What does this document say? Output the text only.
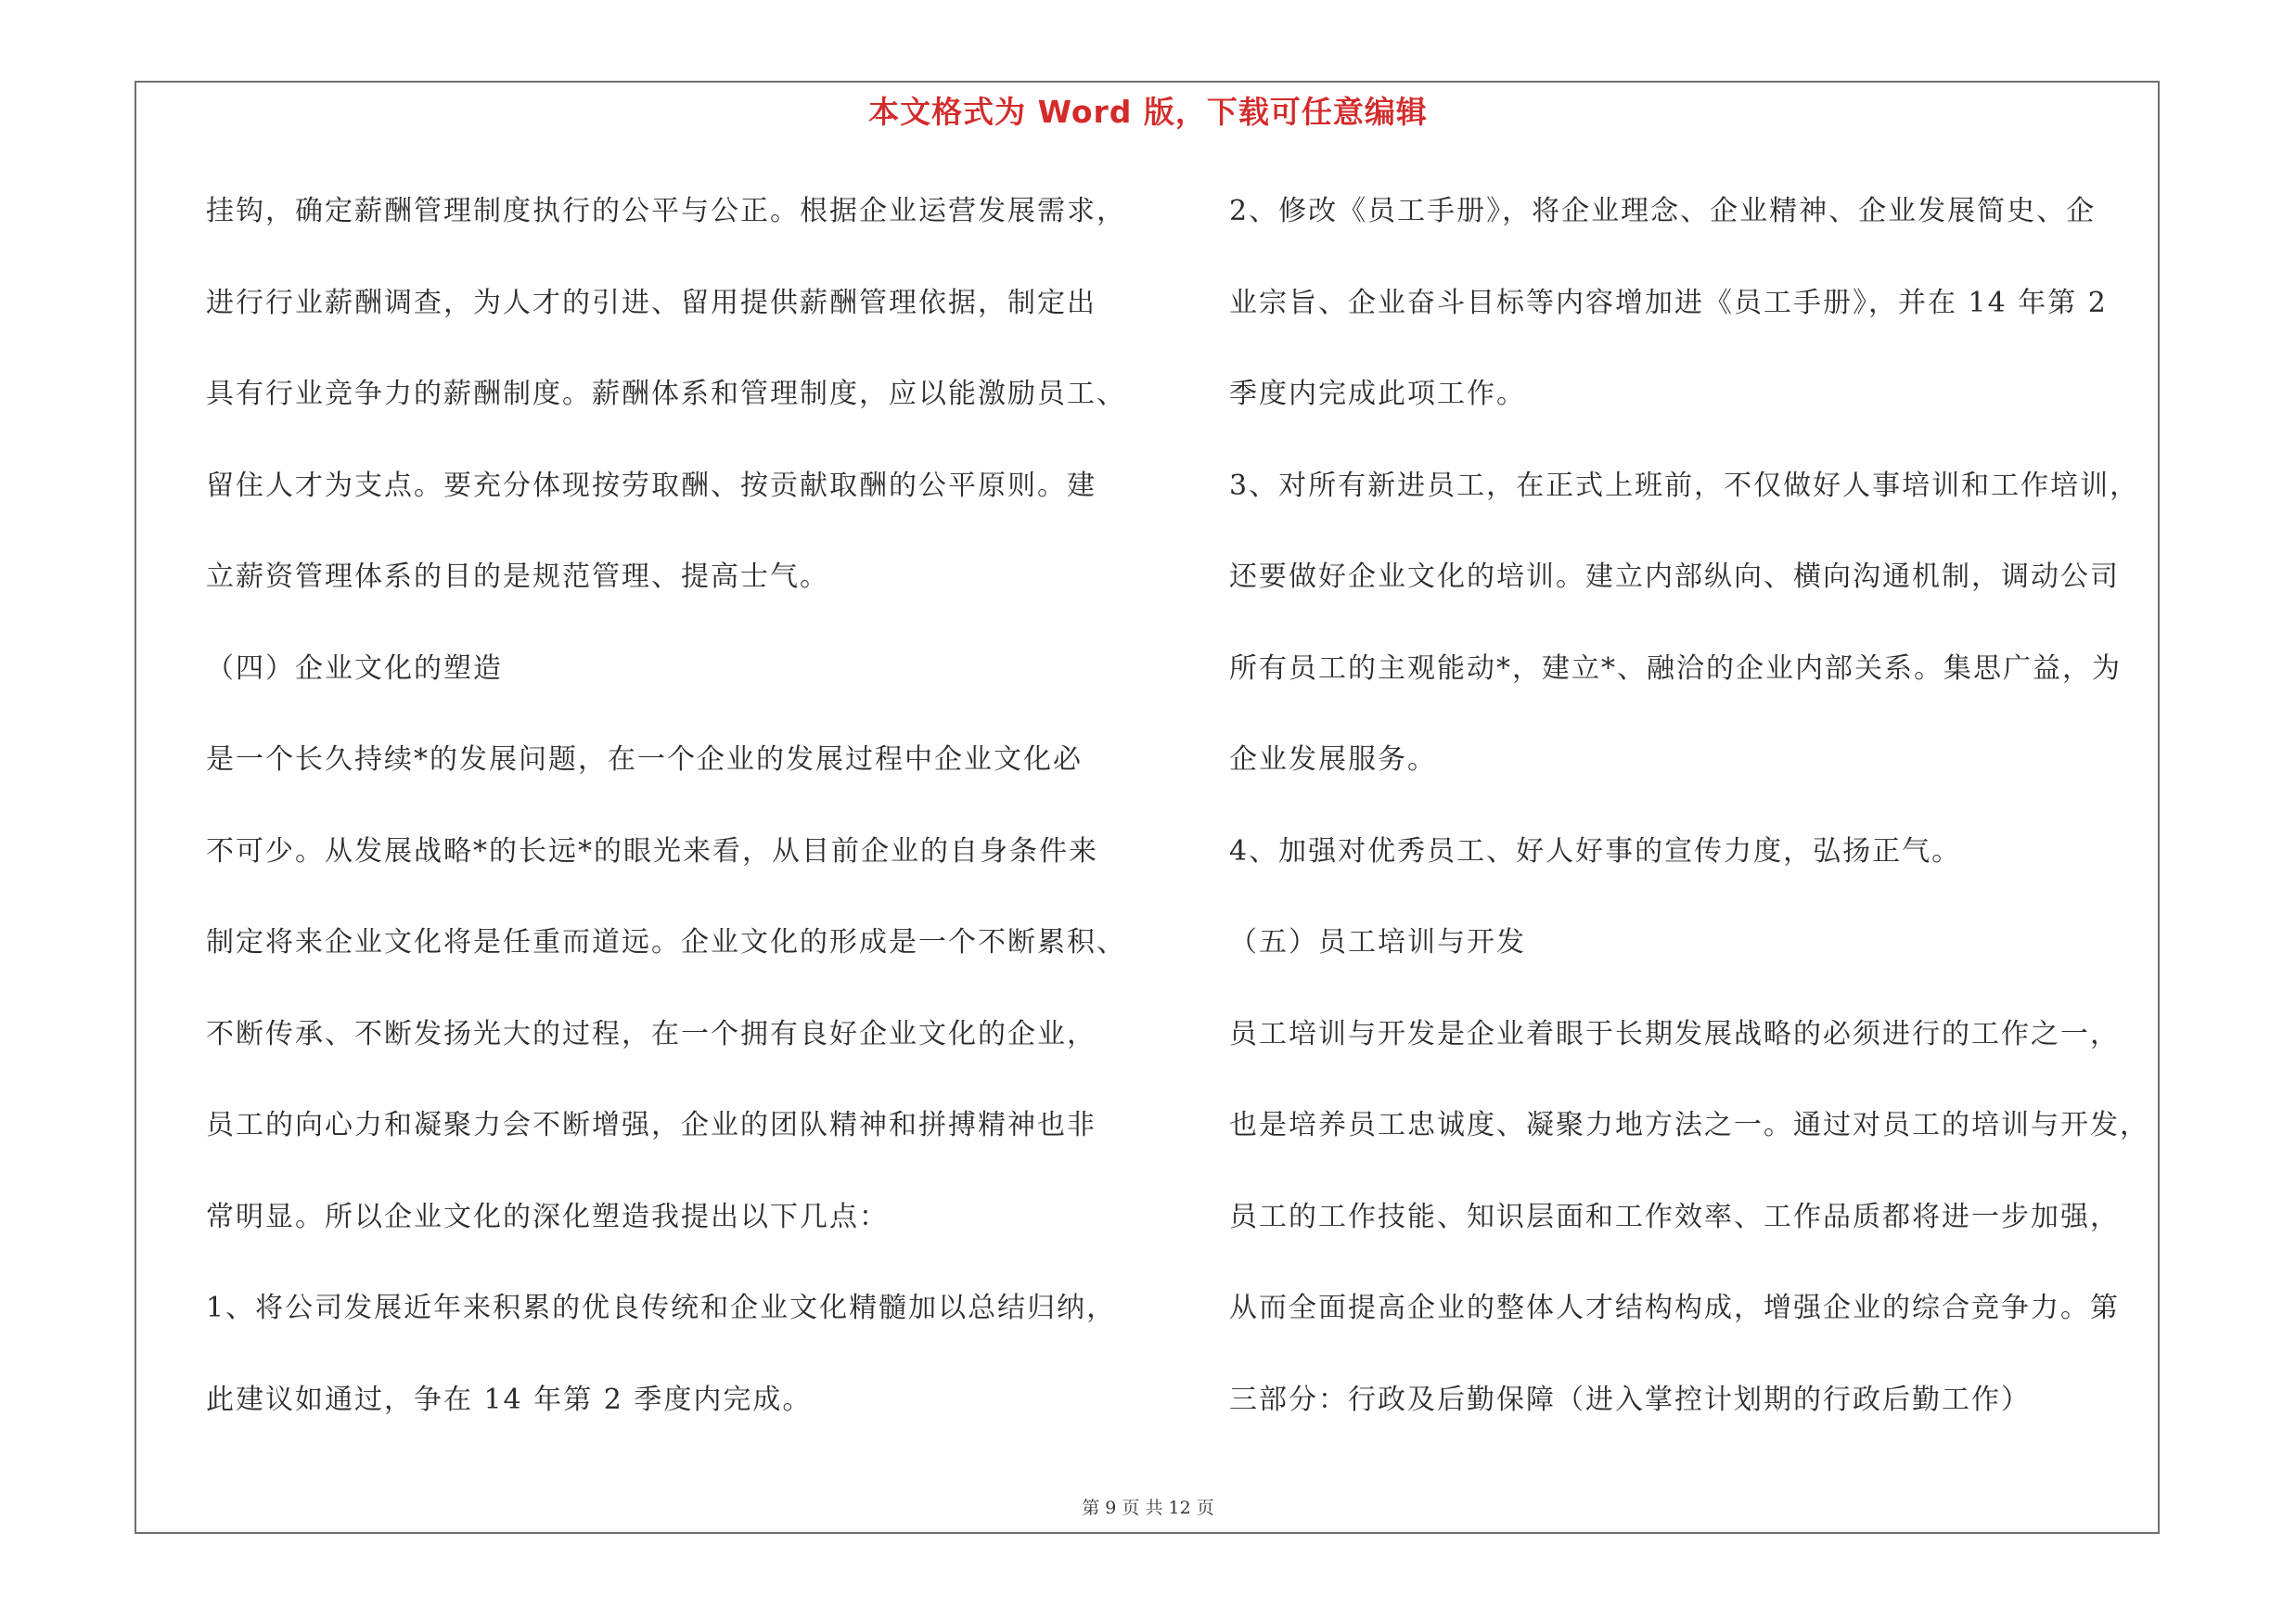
本文格式为 Word 版，下载可任意编辑
挂钩，确定薪酬管理制度执行的公平与公正。根据企业运营发展需求，
进行行业薪酬调查，为人才的引进、留用提供薪酬管理依据，制定出
具有行业竞争力的薪酬制度。薪酬体系和管理制度，应以能激励员工、
留住人才为支点。要充分体现按劳取酬、按贡献取酬的公平原则。建
立薪资管理体系的目的是规范管理、提高士气。
（四）企业文化的塑造
是一个长久持续*的发展问题，在一个企业的发展过程中企业文化必
不可少。从发展战略*的长远*的眼光来看，从目前企业的自身条件来
制定将来企业文化将是任重而道远。企业文化的形成是一个不断累积、
不断传承、不断发扬光大的过程，在一个拥有良好企业文化的企业，
员工的向心力和凝聚力会不断增强，企业的团队精神和拼搏精神也非
常明显。所以企业文化的深化塑造我提出以下几点：
1、将公司发展近年来积累的优良传统和企业文化精髓加以总结归纳，
此建议如通过，争在 14 年第 2 季度内完成。
2、修改《员工手册》，将企业理念、企业精神、企业发展简史、企
业宗旨、企业奋斗目标等内容增加进《员工手册》，并在 14 年第 2
季度内完成此项工作。
3、对所有新进员工，在正式上班前，不仅做好人事培训和工作培训，
还要做好企业文化的培训。建立内部纵向、横向沟通机制，调动公司
所有员工的主观能动*，建立*、融洽的企业内部关系。集思广益，为
企业发展服务。
4、加强对优秀员工、好人好事的宣传力度，弘扬正气。
（五）员工培训与开发
员工培训与开发是企业着眼于长期发展战略的必须进行的工作之一，
也是培养员工忠诚度、凝聚力地方法之一。通过对员工的培训与开发，
员工的工作技能、知识层面和工作效率、工作品质都将进一步加强，
从而全面提高企业的整体人才结构构成，增强企业的综合竞争力。第
三部分：行政及后勤保障（进入掌控计划期的行政后勤工作）
第 9 页 共 12 页
